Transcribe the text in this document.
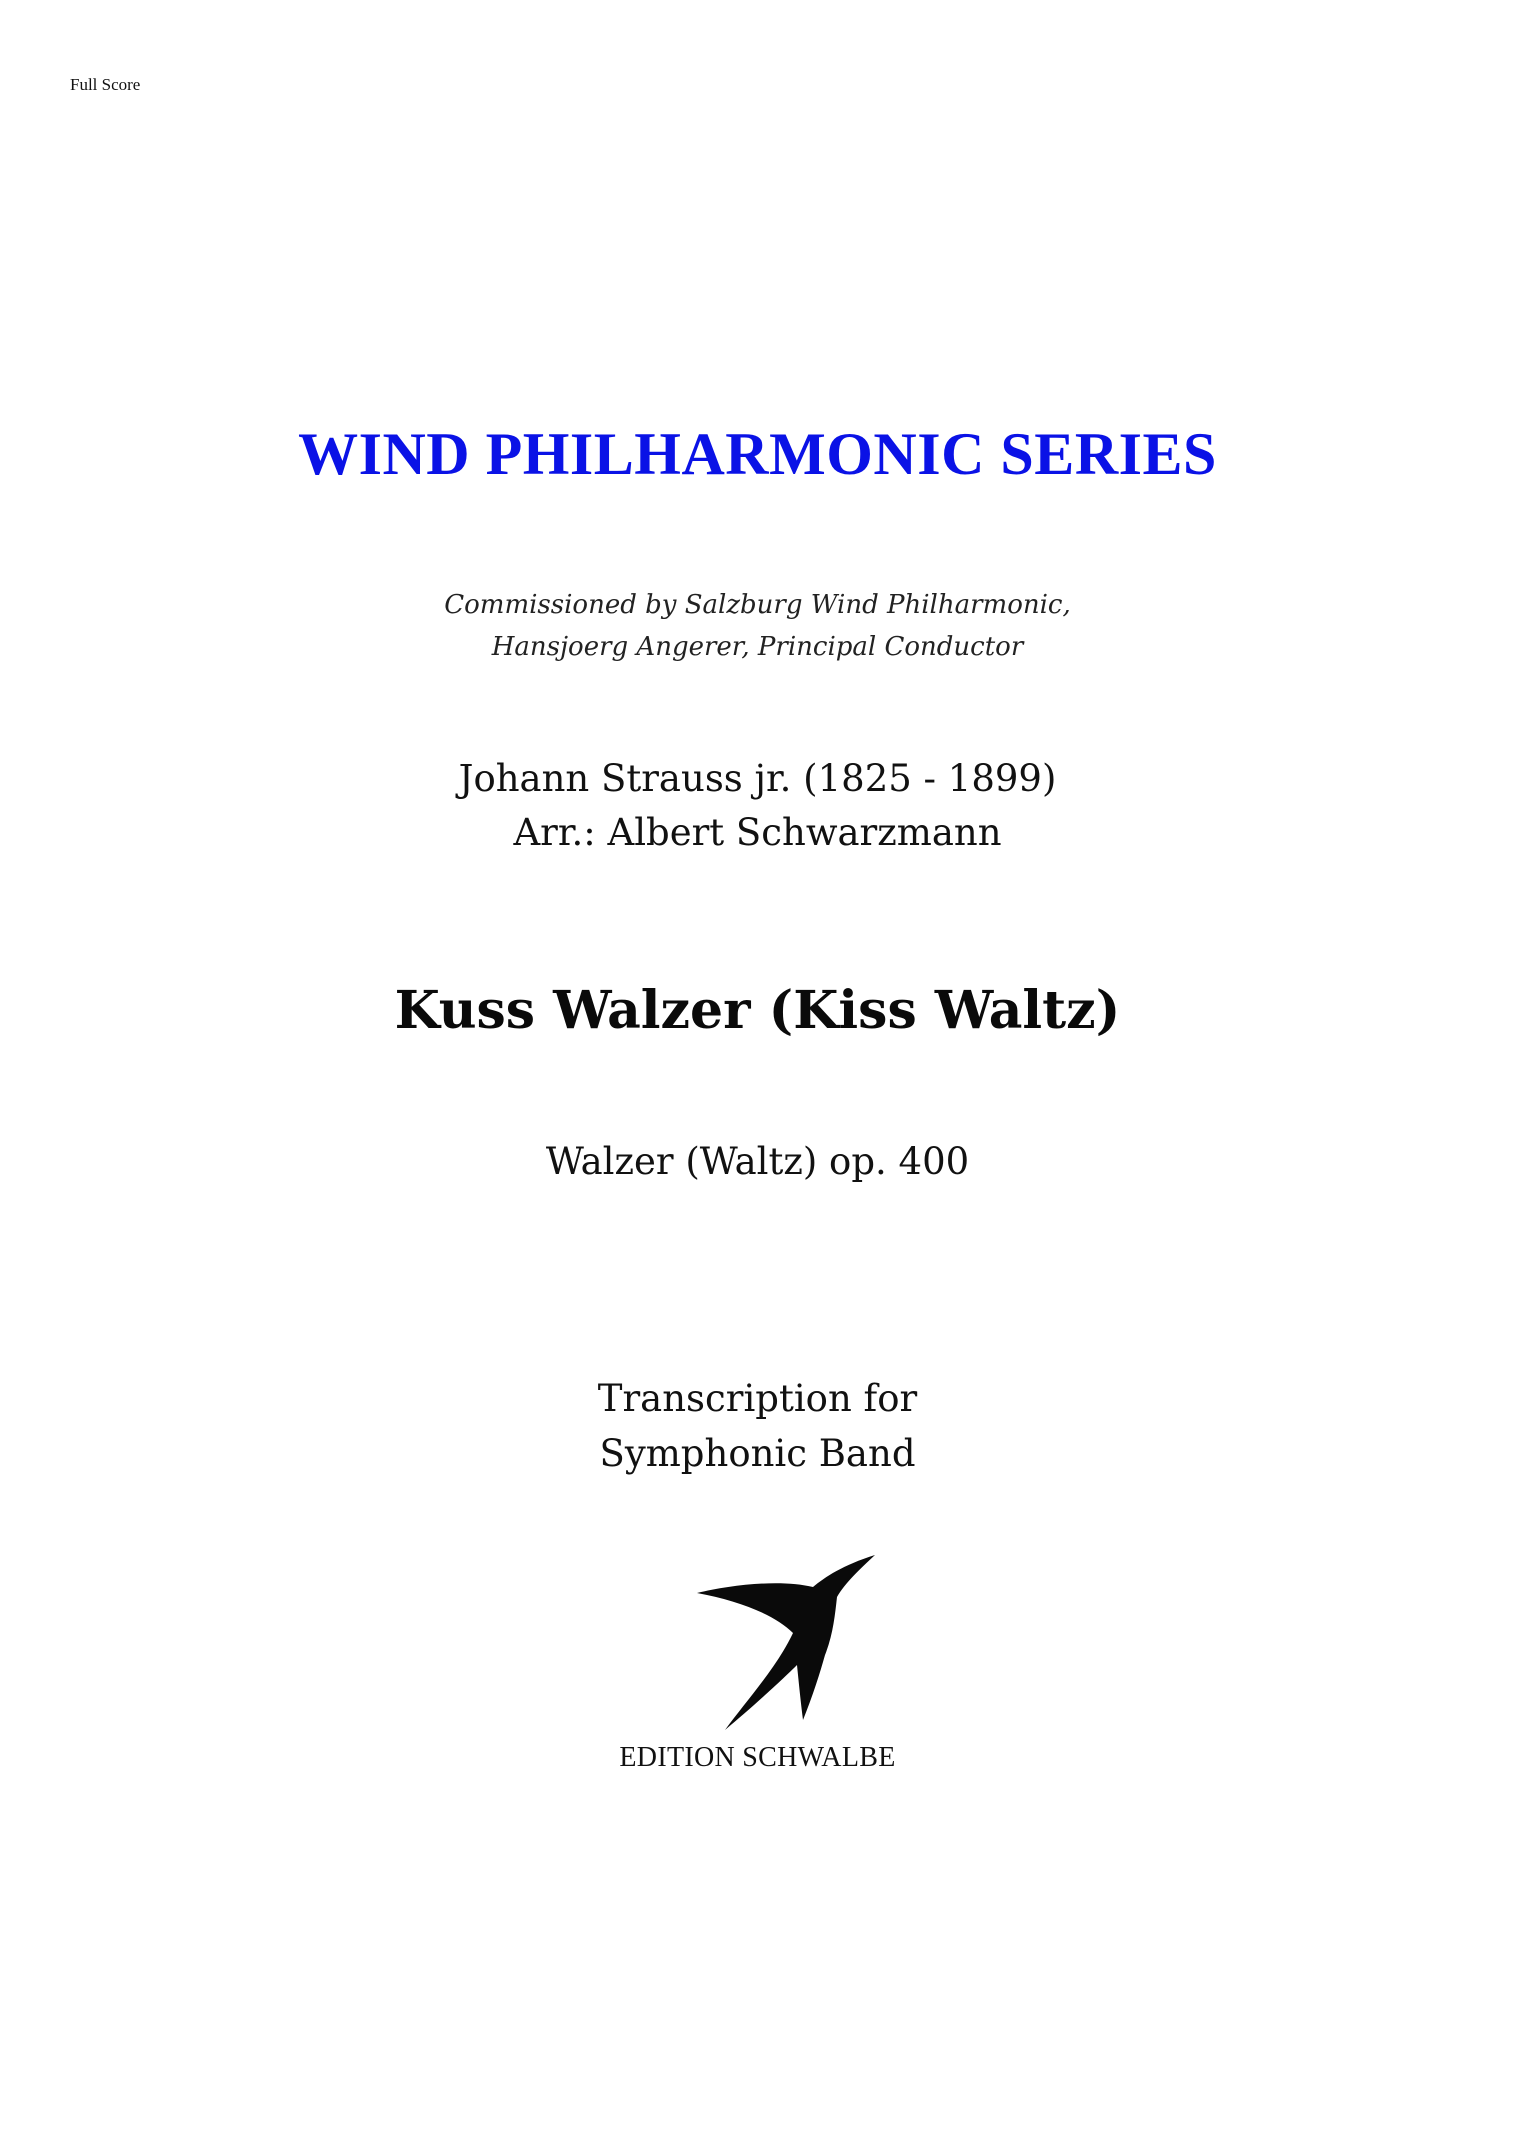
Full Score
WIND PHILHARMONIC SERIES
Commissioned by Salzburg Wind Philharmonic,
Hansjoerg Angerer, Principal Conductor
Johann Strauss jr. (1825 - 1899)
Arr.: Albert Schwarzmann
Kuss Walzer (Kiss Waltz)
Walzer (Waltz) op. 400
Transcription for
Symphonic Band
EDITION SCHWALBE
